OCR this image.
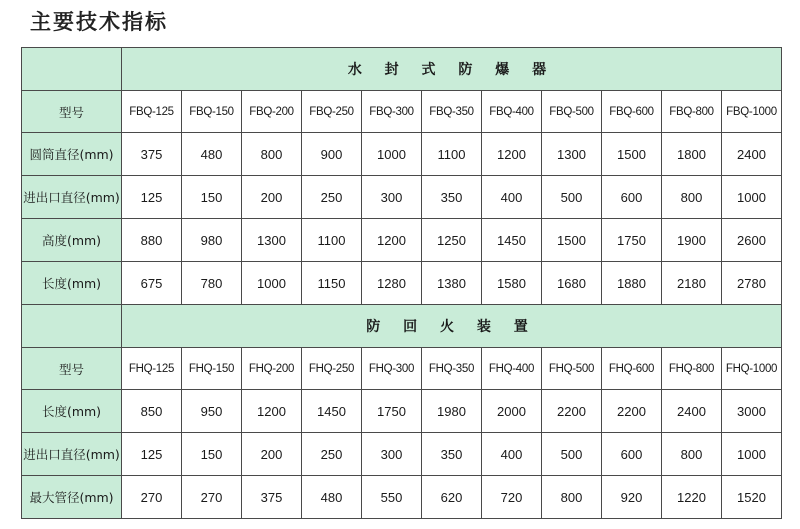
主要技术指标
	水 封 式 防 爆 器										
型号	FBQ-125	FBQ-150	FBQ-200	FBQ-250	FBQ-300	FBQ-350	FBQ-400	FBQ-500	FBQ-600	FBQ-800	FBQ-1000
圆筒直径(mm)	375	480	800	900	1000	1100	1200	1300	1500	1800	2400
进出口直径(mm)	125	150	200	250	300	350	400	500	600	800	1000
高度(mm)	880	980	1300	1100	1200	1250	1450	1500	1750	1900	2600
长度(mm)	675	780	1000	1150	1280	1380	1580	1680	1880	2180	2780
	防 回 火 装 置										
型号	FHQ-125	FHQ-150	FHQ-200	FHQ-250	FHQ-300	FHQ-350	FHQ-400	FHQ-500	FHQ-600	FHQ-800	FHQ-1000
长度(mm)	850	950	1200	1450	1750	1980	2000	2200	2200	2400	3000
进出口直径(mm)	125	150	200	250	300	350	400	500	600	800	1000
最大管径(mm)	270	270	375	480	550	620	720	800	920	1220	1520
